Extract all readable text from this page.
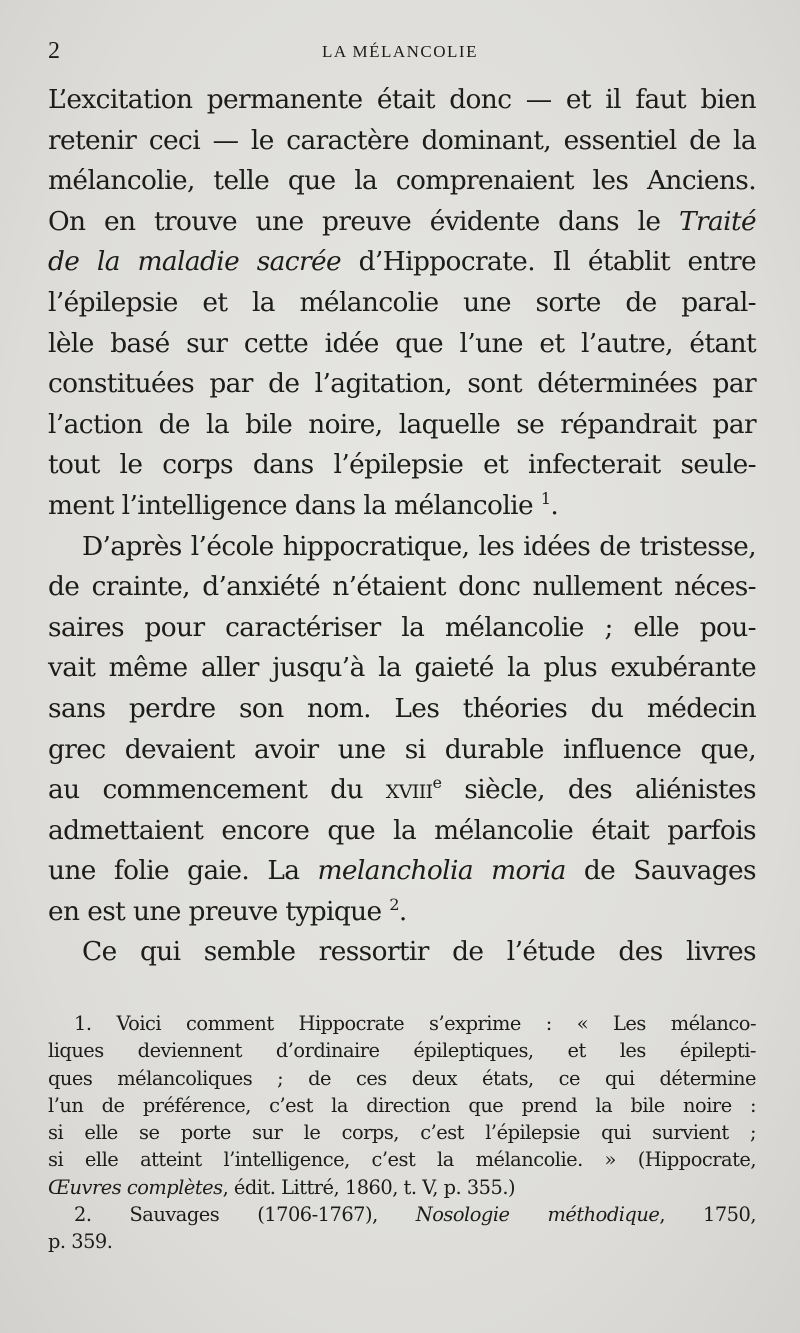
2	LA MÉLANCOLIE
L’excitation permanente était donc — et il faut bien
retenir ceci — le caractère dominant, essentiel de la
mélancolie, telle que la comprenaient les Anciens.
On en trouve une preuve évidente dans le Traité
de la maladie sacrée d’Hippocrate. Il établit entre
l’épilepsie et la mélancolie une sorte de paral-
lèle basé sur cette idée que l’une et l’autre, étant
constituées par de l’agitation, sont déterminées par
l’action de la bile noire, laquelle se répandrait par
tout le corps dans l’épilepsie et infecterait seule-
ment l’intelligence dans la mélancolie $^1$.
D’après l’école hippocratique, les idées de tristesse,
de crainte, d’anxiété n’étaient donc nullement néces-
saires pour caractériser la mélancolie ; elle pou-
vait même aller jusqu’à la gaieté la plus exubérante
sans perdre son nom. Les théories du médecin
grec devaient avoir une si durable influence que,
au commencement du XVIIIe siècle, des aliénistes
admettaient encore que la mélancolie était parfois
une folie gaie. La melancholia moria de Sauvages
en est une preuve typique $^2$.
Ce qui semble ressortir de l’étude des livres
1. Voici comment Hippocrate s’exprime : « Les mélanco-
liques deviennent d’ordinaire épileptiques, et les épilepti-
ques mélancoliques ; de ces deux états, ce qui détermine
l’un de préférence, c’est la direction que prend la bile noire :
si elle se porte sur le corps, c’est l’épilepsie qui survient ;
si elle atteint l’intelligence, c’est la mélancolie. » (Hippocrate,
Œuvres complètes, édit. Littré, 1860, t. V, p. 355.)
2. Sauvages (1706-1767), Nosologie méthodique, 1750,
p. 359.
